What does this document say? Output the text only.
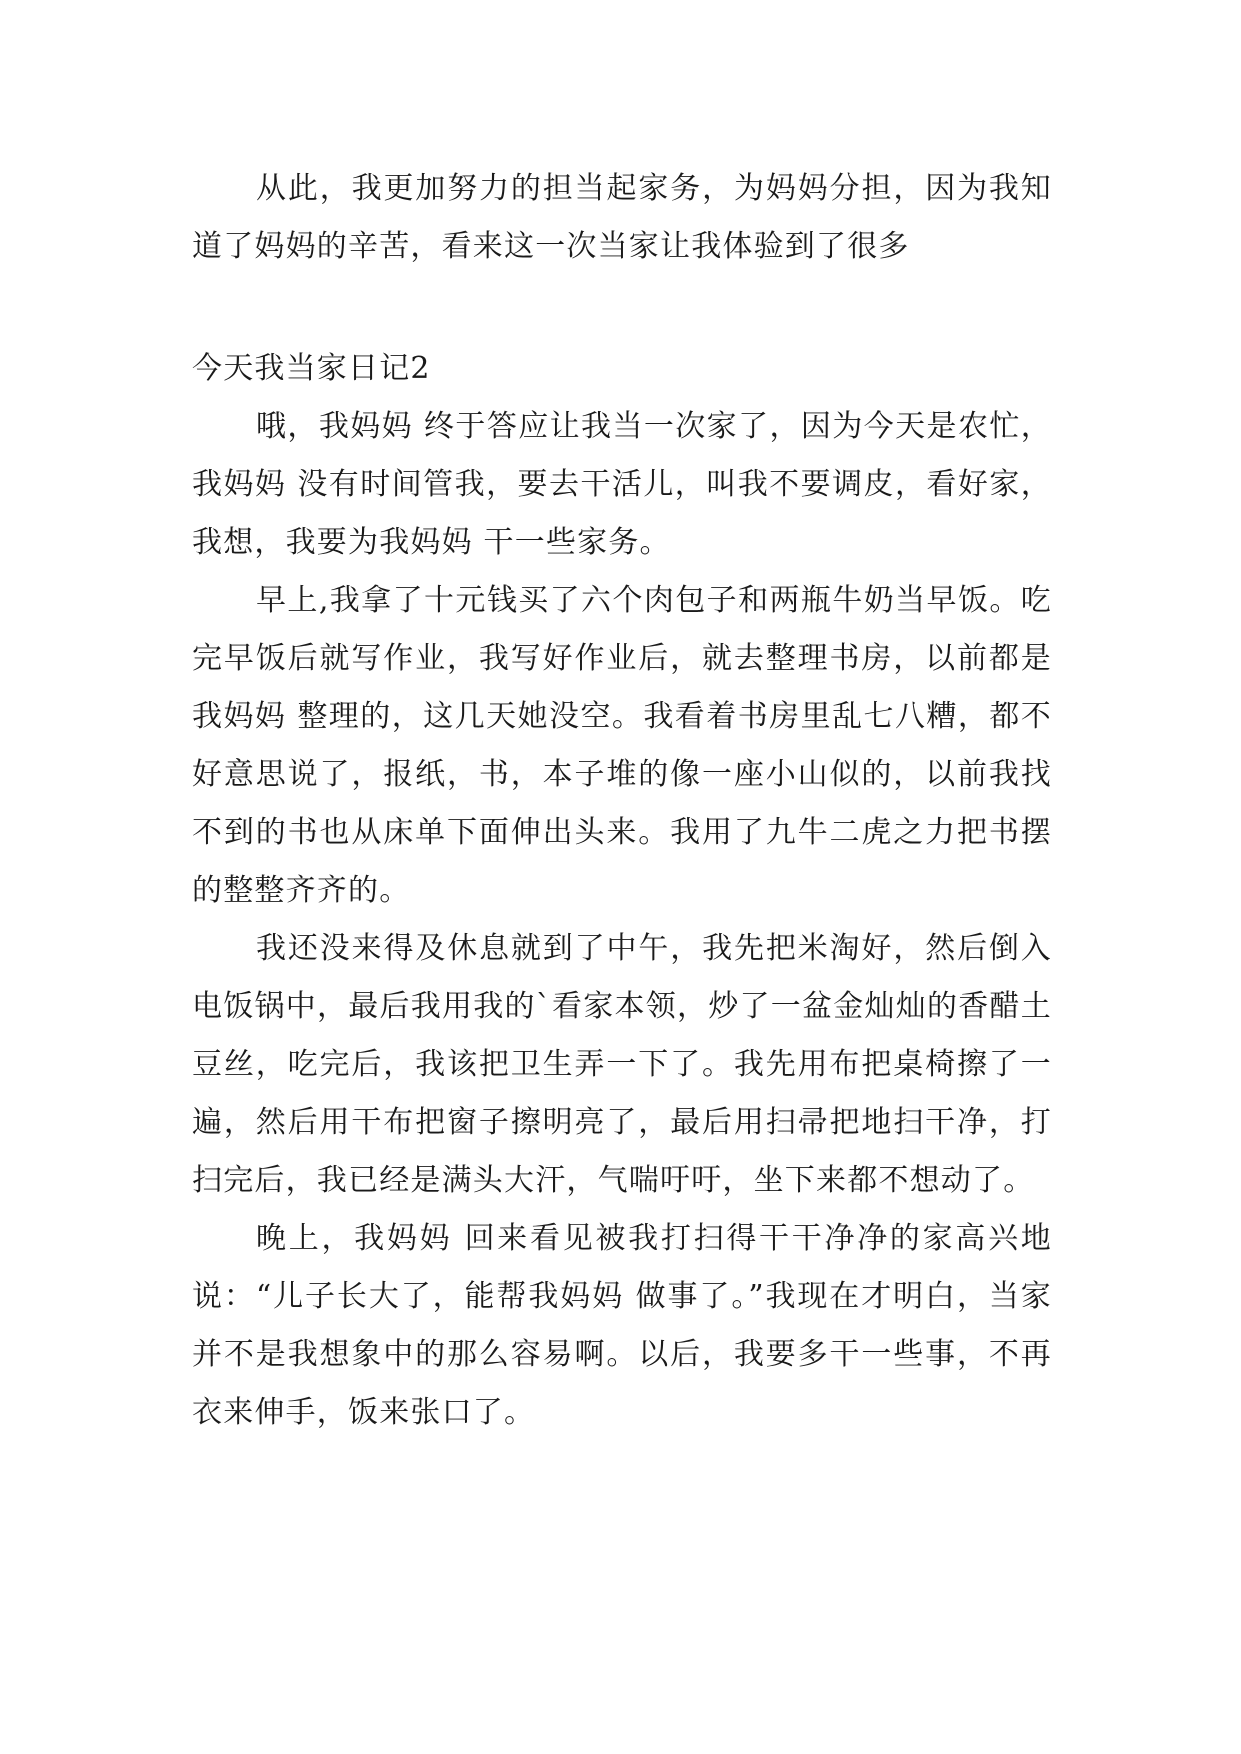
从此，我更加努力的担当起家务，为妈妈分担，因为我知道了妈妈的辛苦，看来这一次当家让我体验到了很多

今天我当家日记2

哦，我妈妈 终于答应让我当一次家了，因为今天是农忙，我妈妈 没有时间管我，要去干活儿，叫我不要调皮，看好家，我想，我要为我妈妈 干一些家务。

早上,我拿了十元钱买了六个肉包子和两瓶牛奶当早饭。吃完早饭后就写作业，我写好作业后，就去整理书房，以前都是我妈妈 整理的，这几天她没空。我看着书房里乱七八糟，都不好意思说了，报纸，书，本子堆的像一座小山似的，以前我找不到的书也从床单下面伸出头来。我用了九牛二虎之力把书摆的整整齐齐的。

我还没来得及休息就到了中午，我先把米淘好，然后倒入电饭锅中，最后我用我的`看家本领，炒了一盆金灿灿的香醋土豆丝，吃完后，我该把卫生弄一下了。我先用布把桌椅擦了一遍，然后用干布把窗子擦明亮了，最后用扫帚把地扫干净，打扫完后，我已经是满头大汗，气喘吁吁，坐下来都不想动了。

晚上，我妈妈 回来看见被我打扫得干干净净的家高兴地说：“儿子长大了，能帮我妈妈 做事了。”我现在才明白，当家并不是我想象中的那么容易啊。以后，我要多干一些事，不再衣来伸手，饭来张口了。
